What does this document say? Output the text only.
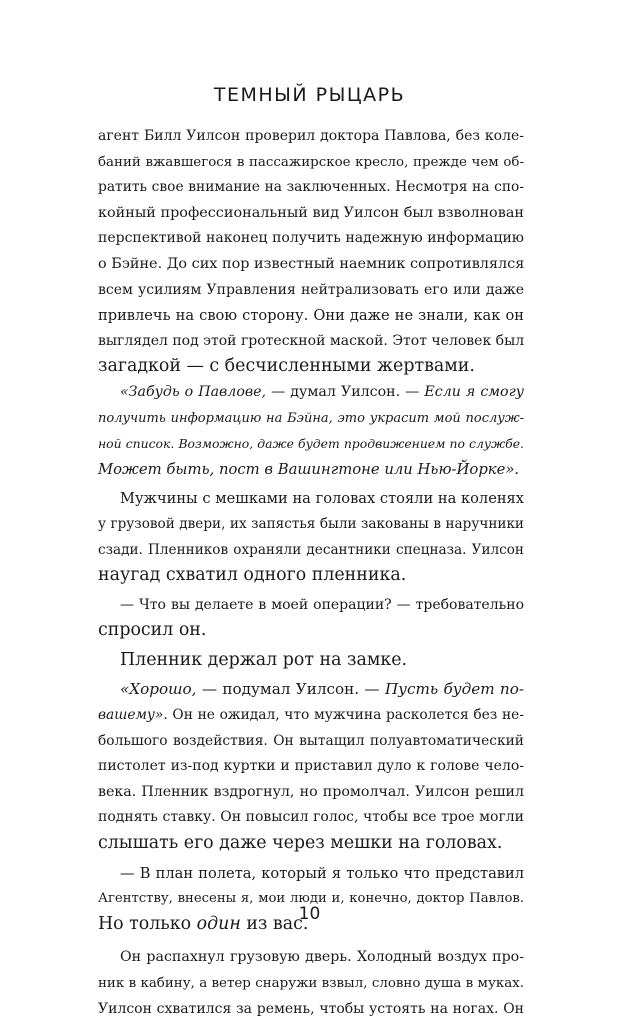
ТЕМНЫЙ РЫЦАРЬ

агент Билл Уилсон проверил доктора Павлова, без коле-
баний вжавшегося в пассажирское кресло, прежде чем об-
ратить свое внимание на заключенных. Несмотря на спо-
койный профессиональный вид Уилсон был взволнован
перспективой наконец получить надежную информацию
о Бэйне. До сих пор известный наемник сопротивлялся
всем усилиям Управления нейтрализовать его или даже
привлечь на свою сторону. Они даже не знали, как он
выглядел под этой гротескной маской. Этот человек был
загадкой — с бесчисленными жертвами.

«Забудь о Павлове, — думал Уилсон. — Если я смогу
получить информацию на Бэйна, это украсит мой послуж-
ной список. Возможно, даже будет продвижением по службе.
Может быть, пост в Вашингтоне или Нью-Йорке».

Мужчины с мешками на головах стояли на коленях
у грузовой двери, их запястья были закованы в наручники
сзади. Пленников охраняли десантники спецназа. Уилсон
наугад схватил одного пленника.

— Что вы делаете в моей операции? — требовательно
спросил он.

Пленник держал рот на замке.

«Хорошо, — подумал Уилсон. — Пусть будет по-
вашему». Он не ожидал, что мужчина расколется без не-
большого воздействия. Он вытащил полуавтоматический
пистолет из-под куртки и приставил дуло к голове чело-
века. Пленник вздрогнул, но промолчал. Уилсон решил
поднять ставку. Он повысил голос, чтобы все трое могли
слышать его даже через мешки на головах.

— В план полета, который я только что представил
Агентству, внесены я, мои люди и, конечно, доктор Павлов.
Но только один из вас.

Он распахнул грузовую дверь. Холодный воздух про-
ник в кабину, а ветер снаружи взвыл, словно душа в муках.
Уилсон схватился за ремень, чтобы устоять на ногах. Он

10
